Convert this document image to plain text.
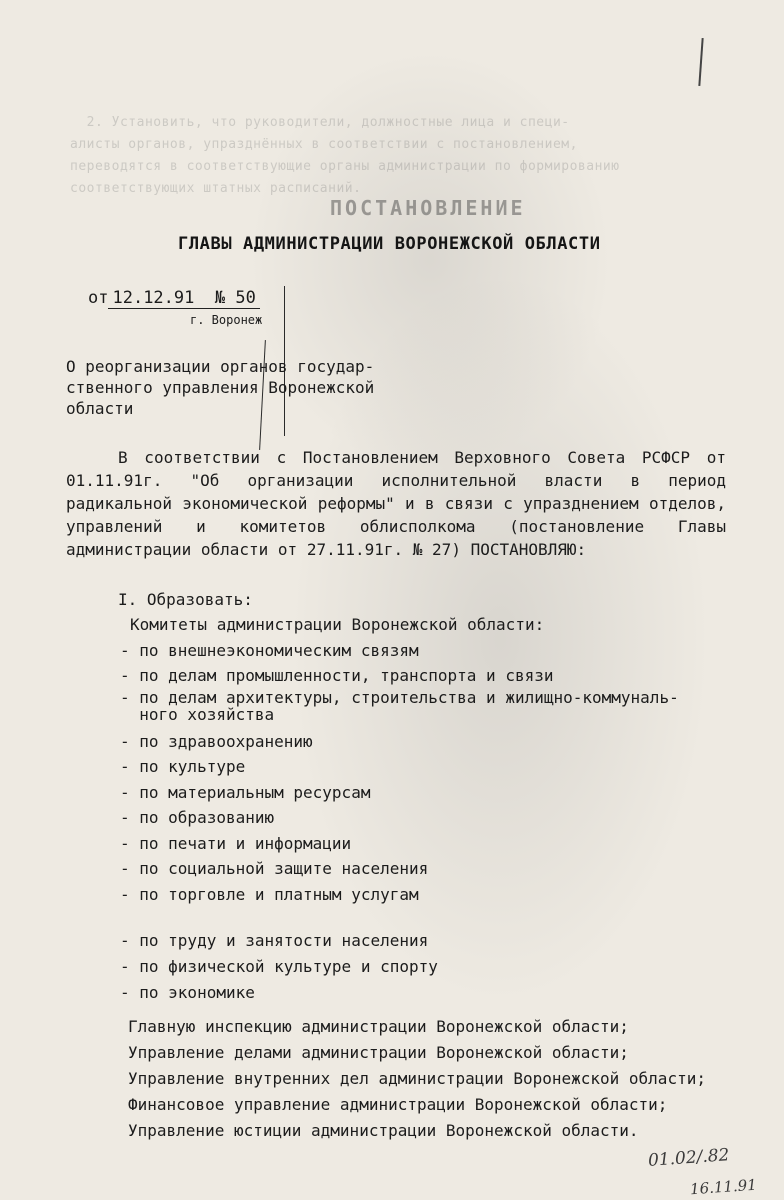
2. Установить, что руководители, должностные лица и специ-
алисты органов, упразднённых в соответствии с постановлением,
переводятся в соответствующие органы администрации по формированию
соответствующих штатных расписаний.
ПОСТАНОВЛЕНИЕ
ГЛАВЫ АДМИНИСТРАЦИИ ВОРОНЕЖСКОЙ ОБЛАСТИ
от 12.12.91 № 50
г. Воронеж
О реорганизации органов государ-ственного управления Воронежской области
В соответствии с Постановлением Верховного Совета РСФСР от 01.11.91г. "Об организации исполнительной власти в период радикальной экономической реформы" и в связи с упразднением отделов, управлений и комитетов облисполкома (постановление Главы администрации области от 27.11.91г. № 27) ПОСТАНОВЛЯЮ:
I. Образовать:
Комитеты администрации Воронежской области:
- по внешнеэкономическим связям
- по делам промышленности, транспорта и связи
- по делам архитектуры, строительства и жилищно-коммуналь-
ного хозяйства
- по здравоохранению
- по культуре
- по материальным ресурсам
- по образованию
- по печати и информации
- по социальной защите населения
- по торговле и платным услугам
- по труду и занятости населения
- по физической культуре и спорту
- по экономике
Главную инспекцию администрации Воронежской области;
Управление делами администрации Воронежской области;
Управление внутренних дел администрации Воронежской области;
Финансовое управление администрации Воронежской области;
Управление юстиции администрации Воронежской области.
01.02/.82
16.11.91
